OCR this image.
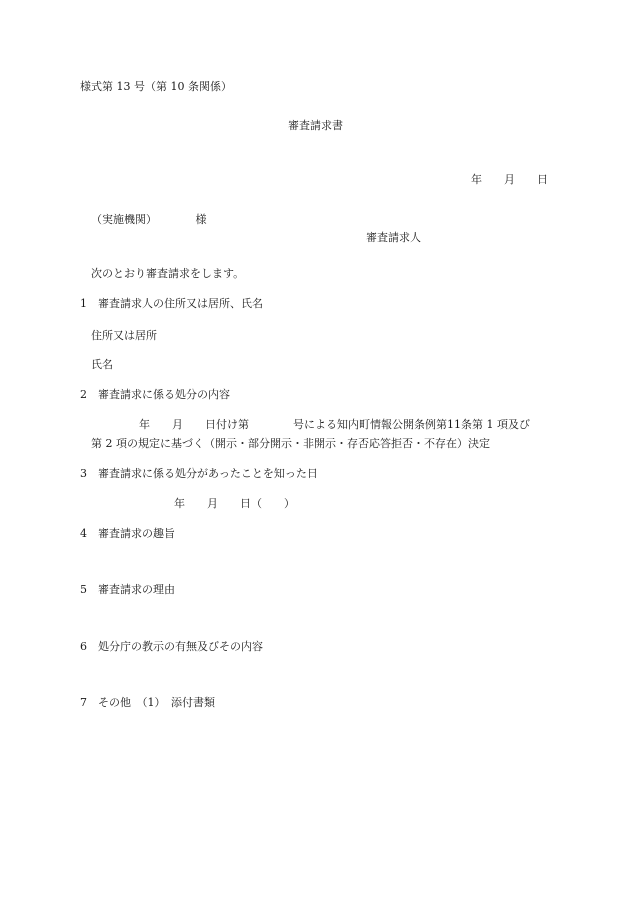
様式第 13 号（第 10 条関係）
審査請求書
年　　月　　日
（実施機関）　　　　様
審査請求人
次のとおり審査請求をします。
1　審査請求人の住所又は居所、氏名
住所又は居所
氏名
2　審査請求に係る処分の内容
年　　月　　日付け第　　　　号による知内町情報公開条例第11条第 1 項及び
第 2 項の規定に基づく（開示・部分開示・非開示・存否応答拒否・不存在）決定
3　審査請求に係る処分があったことを知った日
年　　月　　日（　　）
4　審査請求の趣旨
5　審査請求の理由
6　処分庁の教示の有無及びその内容
7　その他　（1）　添付書類
